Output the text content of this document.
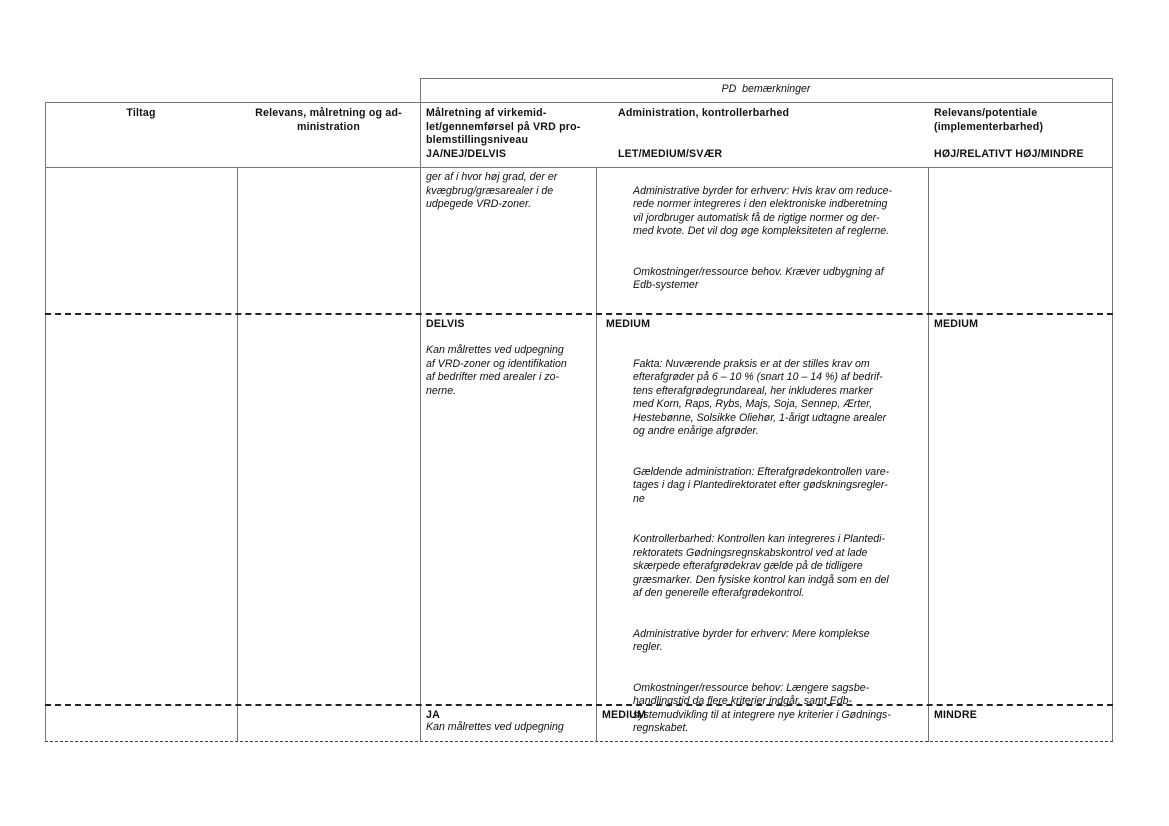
PD  bemærkninger
Tiltag	Relevans, målretning og ad-
ministration
Målretning af virkemid-
let/gennemførsel på VRD pro-
blemstillingsniveau
JA/NEJ/DELVIS
Administration, kontrollerbarhed
LET/MEDIUM/SVÆR
Relevans/potentiale
(implementerbarhed)
HØJ/RELATIVT HØJ/MINDRE
ger af i hvor høj grad, der er
kvægbrug/græsarealer i de
udpegede VRD-zoner.

Administrative byrder for erhverv: Hvis krav om reduce-
rede normer integreres i den elektroniske indberetning
vil jordbruger automatisk få de rigtige normer og der-
med kvote. Det vil dog øge kompleksiteten af reglerne.

Omkostninger/ressource behov. Kræver udbygning af
Edb-systemer

DELVIS
Kan målrettes ved udpegning
af VRD-zoner og identifikation
af bedrifter med arealer i zo-
nerne.
MEDIUM

Fakta: Nuværende praksis er at der stilles krav om
efterafgrøder på 6 – 10 % (snart 10 – 14 %) af bedrif-
tens efterafgrødegrundareal, her inkluderes marker
med Korn, Raps, Rybs, Majs, Soja, Sennep, Ærter,
Hestebønne, Solsikke Oliehør, 1-årigt udtagne arealer
og andre enårige afgrøder.

Gældende administration: Efterafgrødekontrollen vare-
tages i dag i Plantedirektoratet efter gødskningsregler-
ne

Kontrollerbarhed: Kontrollen kan integreres i Plantedi-
rektoratets Gødningsregnskabskontrol ved at lade
skærpede efterafgrødekrav gælde på de tidligere
græsmarker. Den fysiske kontrol kan indgå som en del
af den generelle efterafgrødekontrol.

Administrative byrder for erhverv: Mere komplekse
regler.

Omkostninger/ressource behov: Længere sagsbe-
handlingstid da flere kriterier indgår, samt Edb-
systemudvikling til at integrere nye kriterier i Gødnings-
regnskabet.

MEDIUM
JA
Kan målrettes ved udpegning
MEDIUM	MINDRE
